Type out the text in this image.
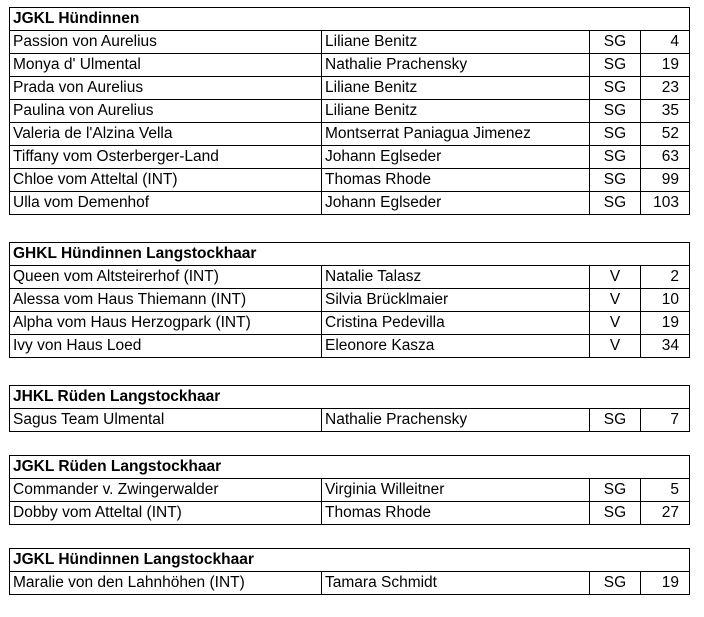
JGKL Hündinnen			
Passion von Aurelius	Liliane Benitz	SG	4
Monya d' Ulmental	Nathalie Prachensky	SG	19
Prada von Aurelius	Liliane Benitz	SG	23
Paulina von Aurelius	Liliane Benitz	SG	35
Valeria de l'Alzina Vella	Montserrat Paniagua Jimenez	SG	52
Tiffany vom Osterberger-Land	Johann Eglseder	SG	63
Chloe vom Atteltal (INT)	Thomas Rhode	SG	99
Ulla vom Demenhof	Johann Eglseder	SG	103
GHKL Hündinnen Langstockhaar			
Queen vom Altsteirerhof (INT)	Natalie Talasz	V	2
Alessa vom Haus Thiemann (INT)	Silvia Brücklmaier	V	10
Alpha vom Haus Herzogpark (INT)	Cristina Pedevilla	V	19
Ivy von Haus Loed	Eleonore Kasza	V	34
JHKL Rüden Langstockhaar
Sagus Team Ulmental	Nathalie Prachensky	SG	7
JGKL Rüden Langstockhaar			
Commander v. Zwingerwalder	Virginia Willeitner	SG	5
Dobby vom Atteltal (INT)	Thomas Rhode	SG	27
JGKL Hündinnen Langstockhaar
Maralie von den Lahnhöhen (INT)	Tamara Schmidt	SG	19
